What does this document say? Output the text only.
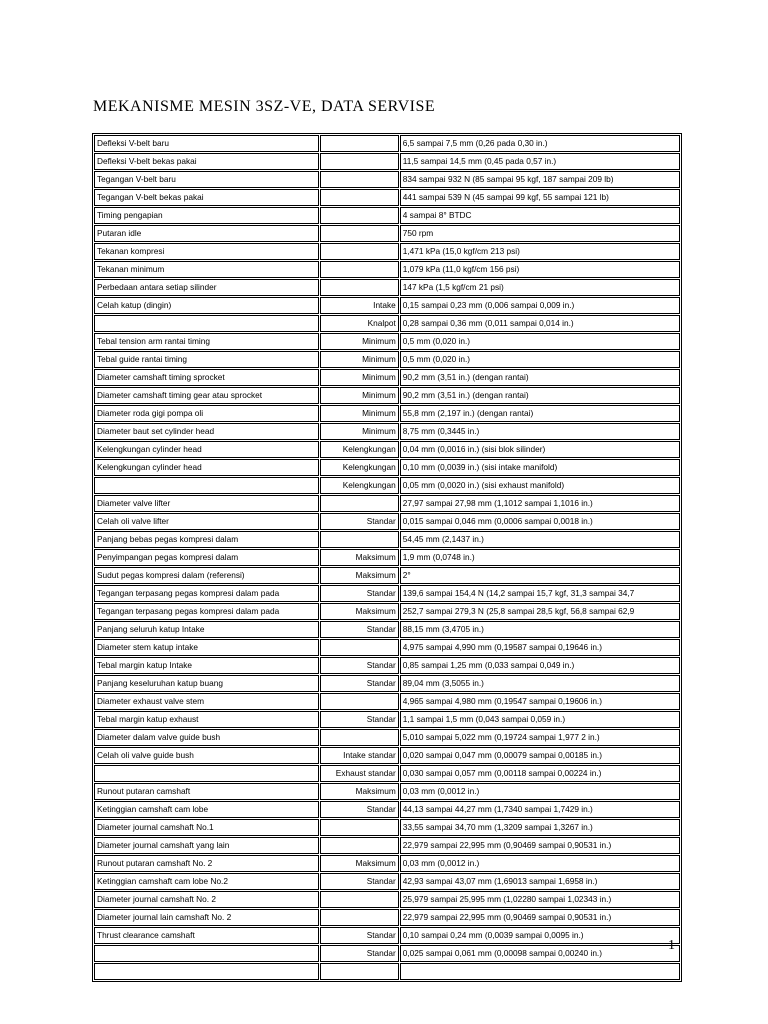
MEKANISME MESIN 3SZ-VE, DATA SERVISE
Defleksi V-belt baru		6,5 sampai 7,5 mm (0,26 pada 0,30 in.)
Defleksi V-belt bekas pakai		11,5 sampai 14,5 mm (0,45 pada 0,57 in.)
Tegangan V-belt baru		834 sampai 932 N (85 sampai 95 kgf, 187 sampai 209 lb)
Tegangan V-belt bekas pakai		441 sampai 539 N (45 sampai 99 kgf, 55 sampai 121 lb)
Timing pengapian		4 sampai 8° BTDC
Putaran idle		750 rpm
Tekanan kompresi		1,471 kPa (15,0 kgf/cm 213 psi)
Tekanan minimum		1,079 kPa (11,0 kgf/cm 156 psi)
Perbedaan antara setiap silinder		147 kPa (1,5 kgf/cm 21 psi)
Celah katup (dingin)	Intake	0,15 sampai 0,23 mm (0,006 sampai 0,009 in.)
	Knalpot	0,28 sampai 0,36 mm (0,011 sampai 0,014 in.)
Tebal tension arm rantai timing	Minimum	0,5 mm (0,020 in.)
Tebal guide rantai timing	Minimum	0,5 mm (0,020 in.)
Diameter camshaft timing sprocket	Minimum	90,2 mm (3,51 in.) (dengan rantai)
Diameter camshaft timing gear atau sprocket	Minimum	90,2 mm (3,51 in.) (dengan rantai)
Diameter roda gigi pompa oli	Minimum	55,8 mm (2,197 in.) (dengan rantai)
Diameter baut set cylinder head	Minimum	8,75 mm (0,3445 in.)
Kelengkungan cylinder head	Kelengkungan	0,04 mm (0,0016 in.) (sisi blok silinder)
Kelengkungan cylinder head	Kelengkungan	0,10 mm (0,0039 in.) (sisi intake manifold)
	Kelengkungan	0,05 mm (0,0020 in.) (sisi exhaust manifold)
Diameter valve lifter		27,97 sampai 27,98 mm (1,1012 sampai 1,1016 in.)
Celah oli valve lifter	Standar	0,015 sampai 0,046 mm (0,0006 sampai 0,0018 in.)
Panjang bebas pegas kompresi dalam		54,45 mm (2,1437 in.)
Penyimpangan pegas kompresi dalam	Maksimum	1,9 mm (0,0748 in.)
Sudut pegas kompresi dalam (referensi)	Maksimum	2°
Tegangan terpasang pegas kompresi dalam pada	Standar	139,6 sampai 154,4 N (14,2 sampai 15,7 kgf, 31,3 sampai 34,7
Tegangan terpasang pegas kompresi dalam pada	Maksimum	252,7 sampai 279,3 N (25,8 sampai 28,5 kgf, 56,8 sampai 62,9
Panjang seluruh katup Intake	Standar	88,15 mm (3,4705 in.)
Diameter stem katup intake		4,975 sampai 4,990 mm (0,19587 sampai 0,19646 in.)
Tebal margin katup Intake	Standar	0,85 sampai 1,25 mm (0,033 sampai 0,049 in.)
Panjang keseluruhan katup buang	Standar	89,04 mm (3,5055 in.)
Diameter exhaust valve stem		4,965 sampai 4,980 mm (0,19547 sampai 0,19606 in.)
Tebal margin katup exhaust	Standar	1,1 sampai 1,5 mm (0,043 sampai 0,059 in.)
Diameter dalam valve guide bush		5,010 sampai 5,022 mm (0,19724 sampai 1,977 2 in.)
Celah oli valve guide bush	Intake standar	0,020 sampai 0,047 mm (0,00079 sampai 0,00185 in.)
	Exhaust standar	0,030 sampai 0,057 mm (0,00118 sampai 0,00224 in.)
Runout putaran camshaft	Maksimum	0,03 mm (0,0012 in.)
Ketinggian camshaft cam lobe	Standar	44,13 sampai 44,27 mm (1,7340 sampai 1,7429 in.)
Diameter journal camshaft No.1		33,55 sampai 34,70 mm (1,3209 sampai 1,3267 in.)
Diameter journal camshaft yang lain		22,979 sampai 22,995 mm (0,90469 sampai 0,90531 in.)
Runout putaran camshaft No. 2	Maksimum	0,03 mm (0,0012 in.)
Ketinggian camshaft cam lobe No.2	Standar	42,93 sampai 43,07 mm (1,69013 sampai 1,6958 in.)
Diameter journal camshaft No. 2		25,979 sampai 25,995 mm (1,02280 sampai 1,02343 in.)
Diameter journal lain camshaft No. 2		22,979 sampai 22,995 mm (0,90469 sampai 0,90531 in.)
Thrust clearance camshaft	Standar	0,10 sampai 0,24 mm (0,0039 sampai 0,0095 in.)
	Standar	0,025 sampai 0,061 mm (0,00098 sampai 0,00240 in.)
			1
